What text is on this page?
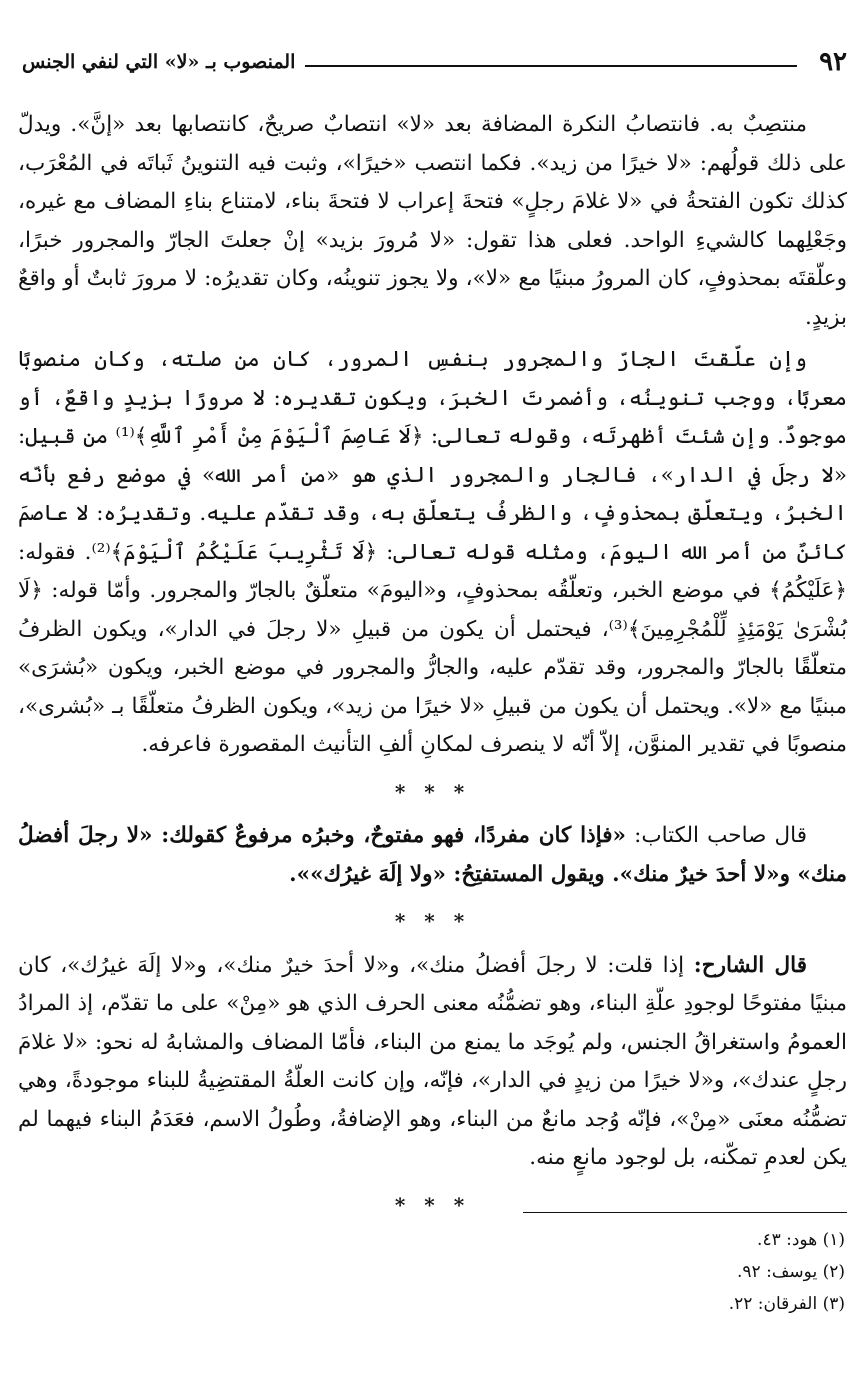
٩٢
المنصوب بـ «لا» التي لنفي الجنس

منتصِبٌ به. فانتصابُ النكرة المضافة بعد «لا» انتصابٌ صريحٌ، كانتصابها بعد «إنَّ». ويدلّ على ذلك قولُهم: «لا خيرًا من زيد». فكما انتصب «خيرًا»، وثبت فيه التنوينُ ثَباتَه في المُعْرَب، كذلك تكون الفتحةُ في «لا غلامَ رجلٍ» فتحةَ إعراب لا فتحةَ بناء، لامتناع بناءِ المضاف مع غيره، وجَعْلِهما كالشيءِ الواحد. فعلى هذا تقول: «لا مُرورَ بزيد» إنْ جعلتَ الجارّ والمجرور خبرًا، وعلّقتَه بمحذوفٍ، كان المرورُ مبنيًا مع «لا»، ولا يجوز تنوينُه، وكان تقديرُه: لا مرورَ ثابتٌ أو واقعٌ بزيدٍ.

وإن علّقتَ الجارّ والمجرور بنفسِ المرور، كان من صلته، وكان منصوبًا معربًا، ووجب تنوينُه، وأضمرتَ الخبرَ، ويكون تقديره: لا مرورًا بزيدٍ واقعٌ، أو موجودٌ. وإن شئتَ أظهرتَه، وقوله تعالى: ﴿لَا عَاصِمَ ٱلْيَوْمَ مِنْ أَمْرِ ٱللَّهِ﴾⁽¹⁾ من قبيل: «لا رجلَ في الدار»، فالجار والمجرور الذي هو «من أمر الله» في موضع رفع بأنّه الخبرُ، ويتعلّق بمحذوفٍ، والظرفُ يتعلّق به، وقد تقدّم عليه. وتقديرُه: لا عاصمَ كائنٌ من أمر الله اليومَ، ومثله قوله تعالى: ﴿لَا تَثْرِيبَ عَلَيْكُمُ ٱلْيَوْمَ﴾⁽²⁾. فقوله: ﴿عَلَيْكُمُ﴾ في موضع الخبر، وتعلّقُه بمحذوفٍ، و«اليومَ» متعلّقٌ بالجارّ والمجرور. وأمّا قوله: ﴿لَا بُشْرَىٰ يَوْمَئِذٍ لِّلْمُجْرِمِينَ﴾⁽³⁾، فيحتمل أن يكون من قبيلِ «لا رجلَ في الدار»، ويكون الظرفُ متعلّقًا بالجارّ والمجرور، وقد تقدّم عليه، والجارُّ والمجرور في موضع الخبر، ويكون «بُشرَى» مبنيًا مع «لا». ويحتمل أن يكون من قبيلِ «لا خيرًا من زيد»، ويكون الظرفُ متعلّقًا بـ «بُشرى»، منصوبًا في تقدير المنوَّن، إلاّ أنّه لا ينصرف لمكانِ ألفِ التأنيث المقصورة فاعرفه.

* * *

قال صاحب الكتاب: «فإذا كان مفردًا، فهو مفتوحٌ، وخبرُه مرفوعٌ كقولك: «لا رجلَ أفضلُ منك» و«لا أحدَ خيرٌ منك». ويقول المستفتِحُ: «ولا إلَهَ غيرُك»».

* * *

قال الشارح: إذا قلت: لا رجلَ أفضلُ منك»، و«لا أحدَ خيرٌ منك»، و«لا إلَهَ غيرُك»، كان مبنيًا مفتوحًا لوجودِ علّةِ البناء، وهو تضمُّنُه معنى الحرف الذي هو «مِنْ» على ما تقدّم، إذ المرادُ العمومُ واستغراقُ الجنس، ولم يُوجَد ما يمنع من البناء، فأمّا المضاف والمشابهُ له نحو: «لا غلامَ رجلٍ عندك»، و«لا خيرًا من زيدٍ في الدار»، فإنّه، وإن كانت العلّةُ المقتضِيةُ للبناء موجودةً، وهي تضمُّنُه معنَى «مِنْ»، فإنّه وُجد مانعٌ من البناء، وهو الإضافةُ، وطُولُ الاسم، فعَدَمُ البناء فيهما لم يكن لعدمِ تمكّنه، بل لوجود مانعٍ منه.

* * *
(١) هود: ٤٣.
(٢) يوسف: ٩٢.
(٣) الفرقان: ٢٢.
